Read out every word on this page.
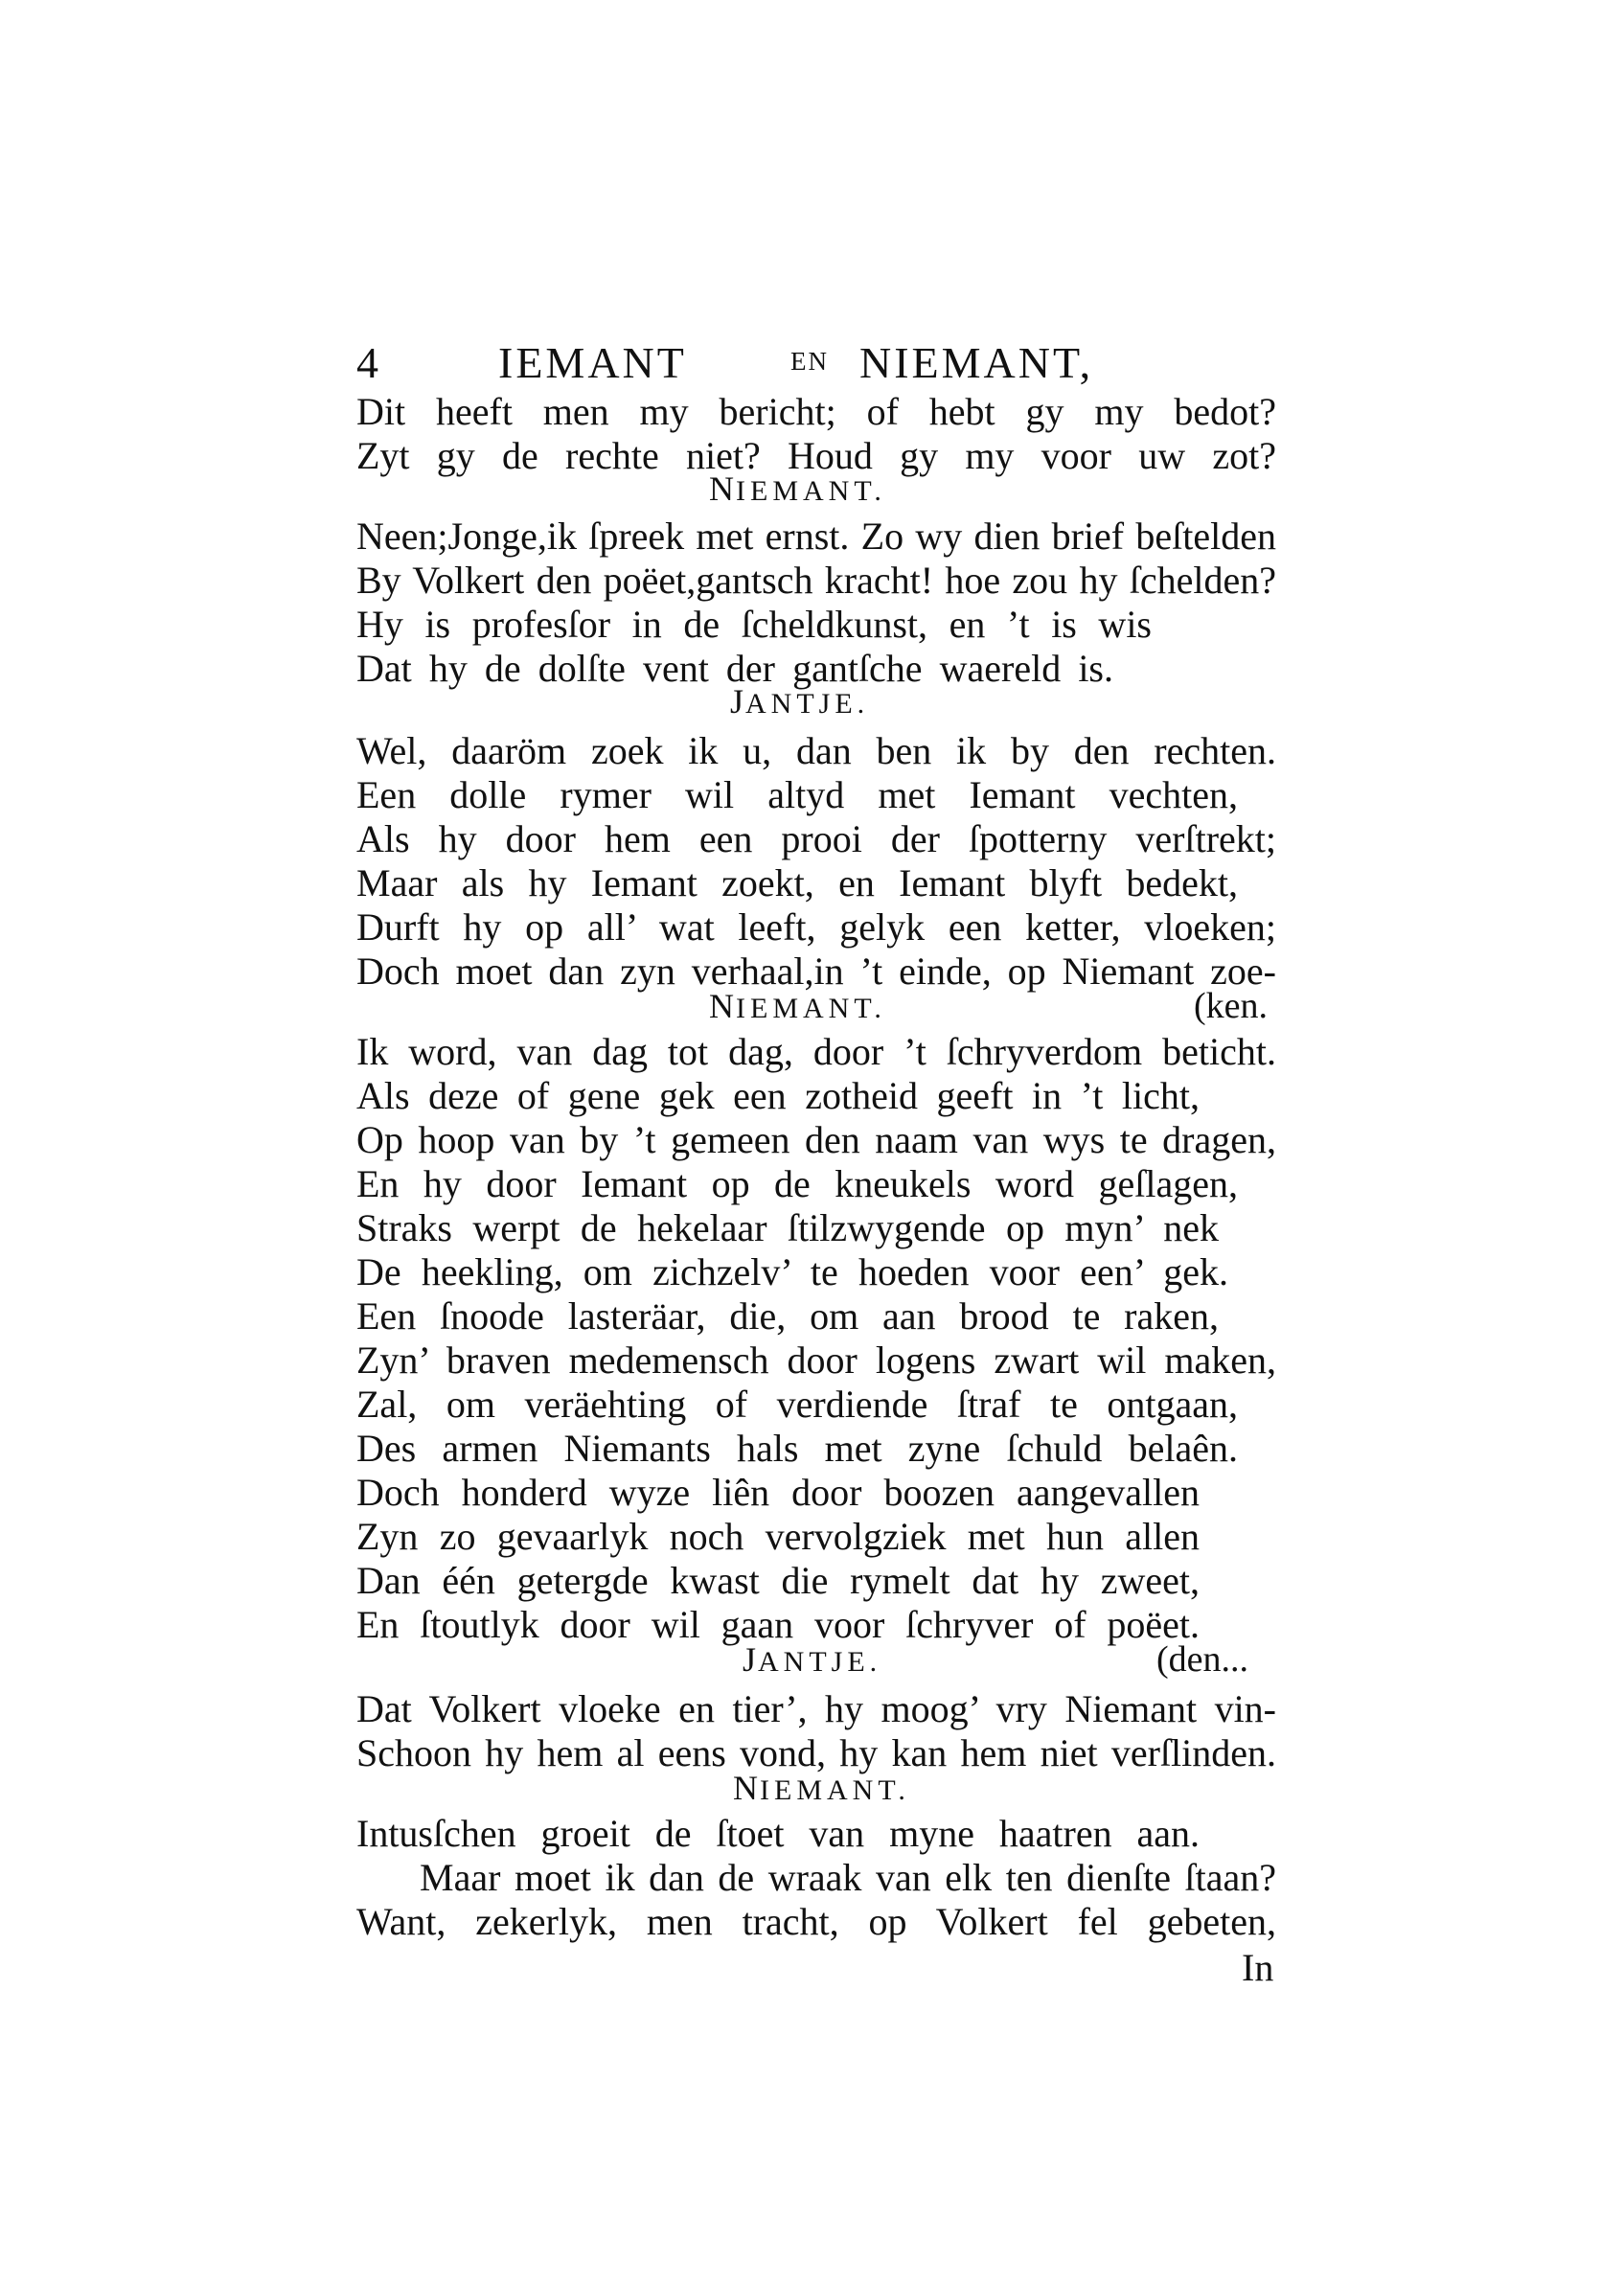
4	IEMANT	EN NIEMANT,
Dit heeft men my bericht; of hebt gy my bedot?
Zyt gy de rechte niet? Houd gy my voor uw zot?
NIEMANT.
Neen;Jonge,ik ſpreek met ernst. Zo wy dien brief beſtelden
By Volkert den poëet,gantsch kracht! hoe zou hy ſchelden?
Hy is profesſor in de ſcheldkunst, en ’t is wis
Dat hy de dolſte vent der gantſche waereld is.
JANTJE.
Wel, daaröm zoek ik u, dan ben ik by den rechten.
Een dolle rymer wil altyd met Iemant vechten,
Als hy door hem een prooi der ſpotterny verſtrekt;
Maar als hy Iemant zoekt, en Iemant blyft bedekt,
Durft hy op all’ wat leeft, gelyk een ketter, vloeken;
Doch moet dan zyn verhaal,in ’t einde, op Niemant zoe-
NIEMANT.	(ken.
Ik word, van dag tot dag, door ’t ſchryverdom beticht.
Als deze of gene gek een zotheid geeft in ’t licht,
Op hoop van by ’t gemeen den naam van wys te dragen,
En hy door Iemant op de kneukels word geſlagen,
Straks werpt de hekelaar ſtilzwygende op myn’ nek
De heekling, om zichzelv’ te hoeden voor een’ gek.
Een ſnoode lasteräar, die, om aan brood te raken,
Zyn’ braven medemensch door logens zwart wil maken,
Zal, om veräehting of verdiende ſtraf te ontgaan,
Des armen Niemants hals met zyne ſchuld belaên.
Doch honderd wyze liên door boozen aangevallen
Zyn zo gevaarlyk noch vervolgziek met hun allen
Dan één getergde kwast die rymelt dat hy zweet,
En ſtoutlyk door wil gaan voor ſchryver of poëet.
JANTJE.	(den...
Dat Volkert vloeke en tier’, hy moog’ vry Niemant vin-
Schoon hy hem al eens vond, hy kan hem niet verſlinden.
NIEMANT.
Intusſchen groeit de ſtoet van myne haatren aan.
Maar moet ik dan de wraak van elk ten dienſte ſtaan?
Want, zekerlyk, men tracht, op Volkert fel gebeten,
In
